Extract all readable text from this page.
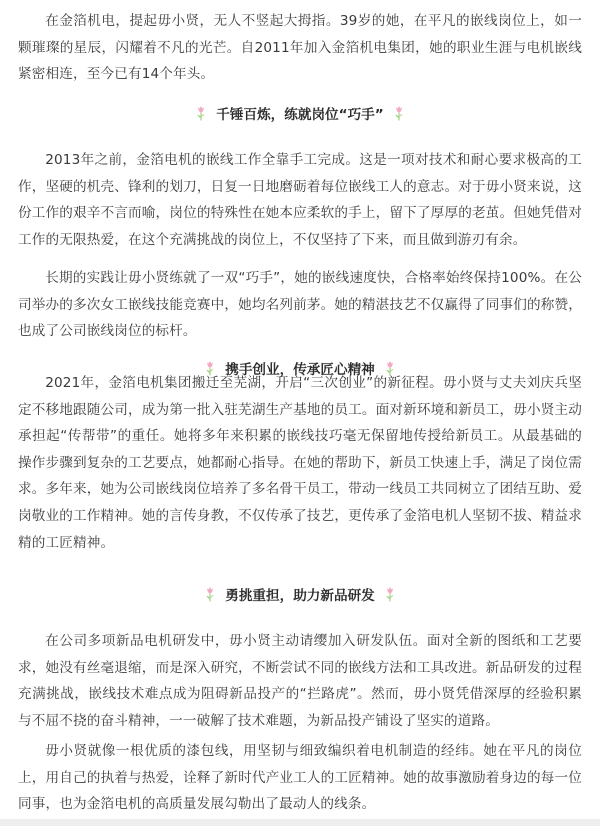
在金箔机电，提起毋小贤，无人不竖起大拇指。39岁的她，在平凡的嵌线岗位上，如一颗璀璨的星辰，闪耀着不凡的光芒。自2011年加入金箔机电集团，她的职业生涯与电机嵌线紧密相连，至今已有14个年头。

千锤百炼，练就岗位“巧手”

2013年之前，金箔电机的嵌线工作全靠手工完成。这是一项对技术和耐心要求极高的工作，坚硬的机壳、锋利的划刀，日复一日地磨砺着每位嵌线工人的意志。对于毋小贤来说，这份工作的艰辛不言而喻，岗位的特殊性在她本应柔软的手上，留下了厚厚的老茧。但她凭借对工作的无限热爱，在这个充满挑战的岗位上，不仅坚持了下来，而且做到游刃有余。

长期的实践让毋小贤练就了一双“巧手”，她的嵌线速度快，合格率始终保持100%。在公司举办的多次女工嵌线技能竞赛中，她均名列前茅。她的精湛技艺不仅赢得了同事们的称赞，也成了公司嵌线岗位的标杆。

携手创业，传承匠心精神

2021年，金箔电机集团搬迁至芜湖，开启“三次创业”的新征程。毋小贤与丈夫刘庆兵坚定不移地跟随公司，成为第一批入驻芜湖生产基地的员工。面对新环境和新员工，毋小贤主动承担起“传帮带”的重任。她将多年来积累的嵌线技巧毫无保留地传授给新员工。从最基础的操作步骤到复杂的工艺要点，她都耐心指导。在她的帮助下，新员工快速上手，满足了岗位需求。多年来，她为公司嵌线岗位培养了多名骨干员工，带动一线员工共同树立了团结互助、爱岗敬业的工作精神。她的言传身教，不仅传承了技艺，更传承了金箔电机人坚韧不拔、精益求精的工匠精神。

勇挑重担，助力新品研发

在公司多项新品电机研发中，毋小贤主动请缨加入研发队伍。面对全新的图纸和工艺要求，她没有丝毫退缩，而是深入研究，不断尝试不同的嵌线方法和工具改进。新品研发的过程充满挑战，嵌线技术难点成为阻碍新品投产的“拦路虎”。然而，毋小贤凭借深厚的经验积累与不屈不挠的奋斗精神，一一破解了技术难题，为新品投产铺设了坚实的道路。

毋小贤就像一根优质的漆包线，用坚韧与细致编织着电机制造的经纬。她在平凡的岗位上，用自己的执着与热爱，诠释了新时代产业工人的工匠精神。她的故事激励着身边的每一位同事，也为金箔电机的高质量发展勾勒出了最动人的线条。
